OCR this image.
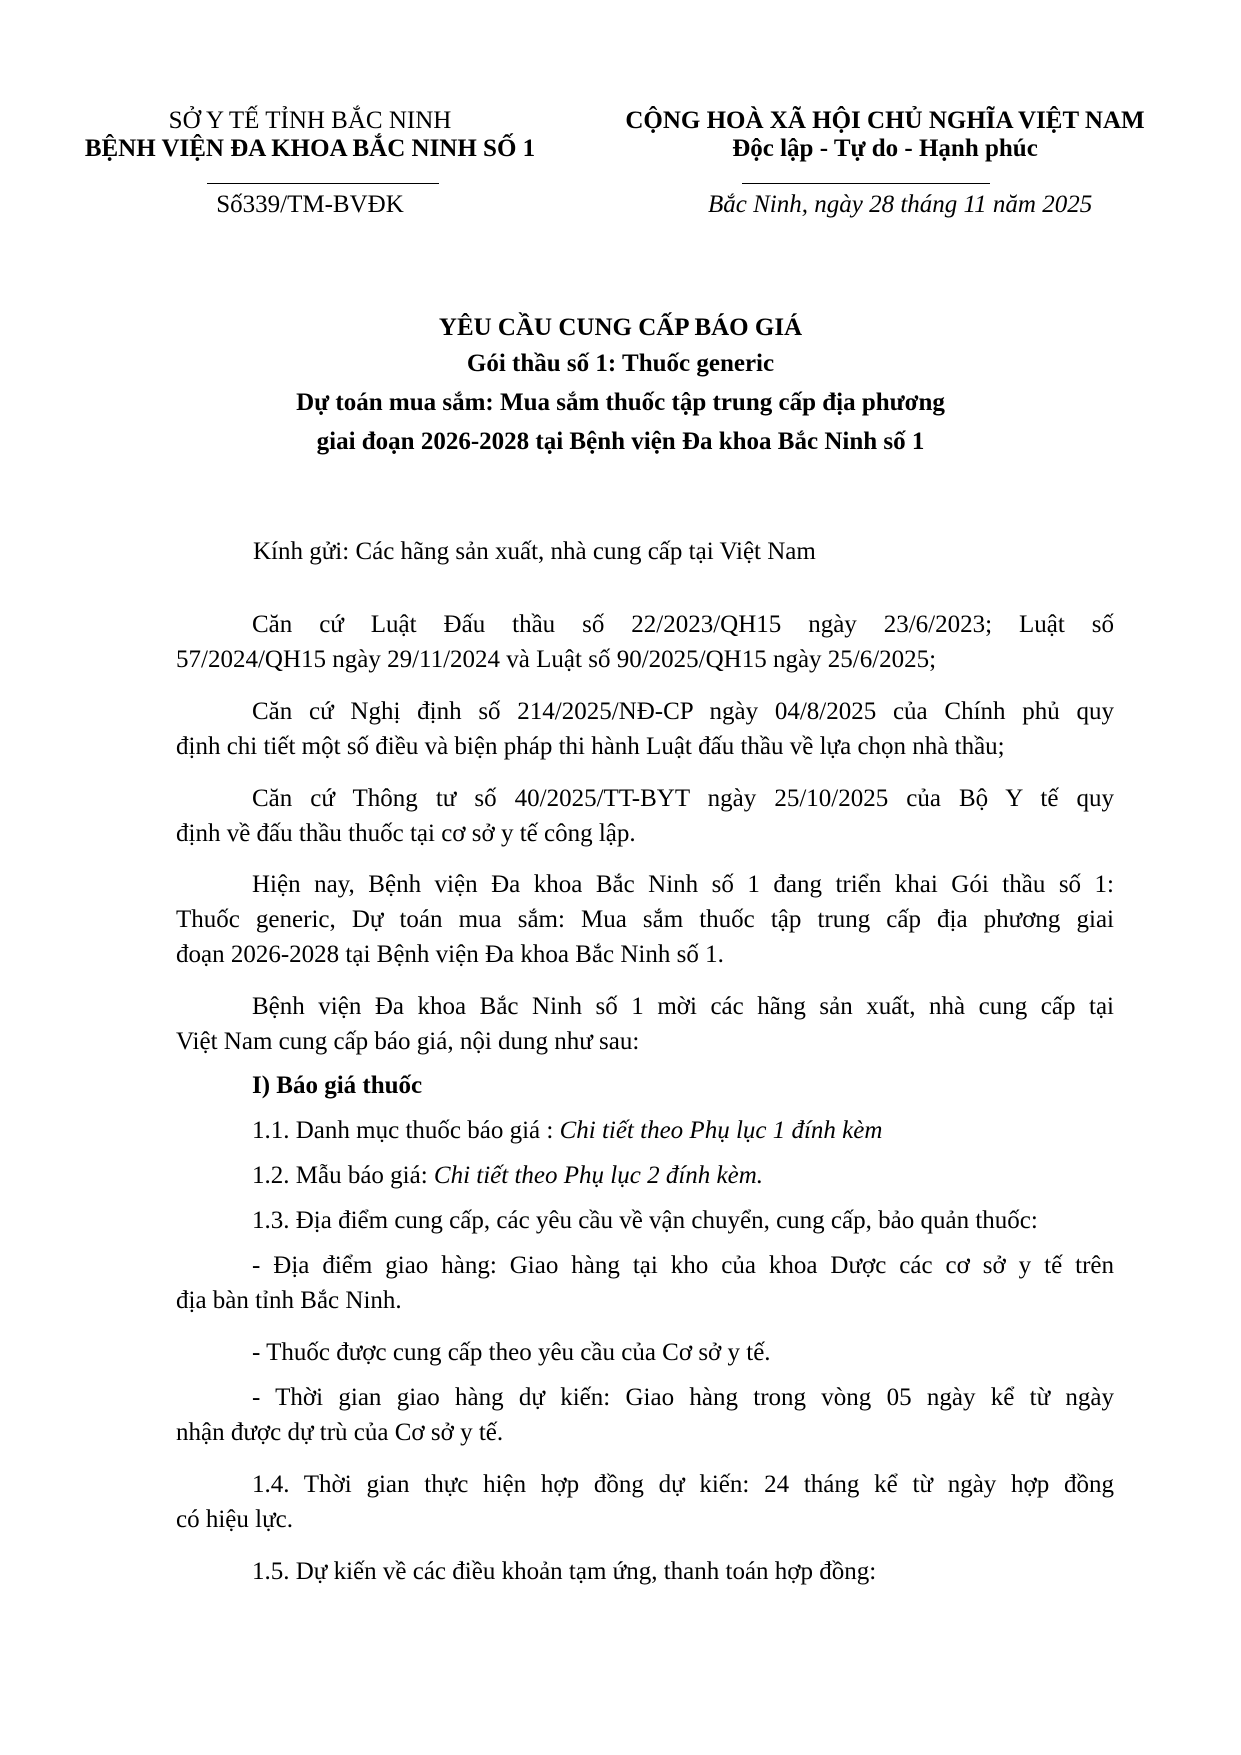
SỞ Y TẾ TỈNH BẮC NINH
BỆNH VIỆN ĐA KHOA BẮC NINH SỐ 1
Số339/TM-BVĐK
CỘNG HOÀ XÃ HỘI CHỦ NGHĨA VIỆT NAM
Độc lập - Tự do - Hạnh phúc
Bắc Ninh, ngày 28 tháng 11 năm 2025
YÊU CẦU CUNG CẤP BÁO GIÁ
Gói thầu số 1: Thuốc generic
Dự toán mua sắm: Mua sắm thuốc tập trung cấp địa phương
giai đoạn 2026-2028 tại Bệnh viện Đa khoa Bắc Ninh số 1
Kính gửi: Các hãng sản xuất, nhà cung cấp tại Việt Nam
Căn cứ Luật Đấu thầu số 22/2023/QH15 ngày 23/6/2023; Luật số
57/2024/QH15 ngày 29/11/2024 và Luật số 90/2025/QH15 ngày 25/6/2025;
Căn cứ Nghị định số 214/2025/NĐ-CP ngày 04/8/2025 của Chính phủ quy
định chi tiết một số điều và biện pháp thi hành Luật đấu thầu về lựa chọn nhà thầu;
Căn cứ Thông tư số 40/2025/TT-BYT ngày 25/10/2025 của Bộ Y tế quy
định về đấu thầu thuốc tại cơ sở y tế công lập.
Hiện nay, Bệnh viện Đa khoa Bắc Ninh số 1 đang triển khai Gói thầu số 1:
Thuốc generic, Dự toán mua sắm: Mua sắm thuốc tập trung cấp địa phương giai
đoạn 2026-2028 tại Bệnh viện Đa khoa Bắc Ninh số 1.
Bệnh viện Đa khoa Bắc Ninh số 1 mời các hãng sản xuất, nhà cung cấp tại
Việt Nam cung cấp báo giá, nội dung như sau:
I) Báo giá thuốc
1.1. Danh mục thuốc báo giá : Chi tiết theo Phụ lục 1 đính kèm
1.2. Mẫu báo giá: Chi tiết theo Phụ lục 2 đính kèm.
1.3. Địa điểm cung cấp, các yêu cầu về vận chuyển, cung cấp, bảo quản thuốc:
- Địa điểm giao hàng: Giao hàng tại kho của khoa Dược các cơ sở y tế trên
địa bàn tỉnh Bắc Ninh.
- Thuốc được cung cấp theo yêu cầu của Cơ sở y tế.
- Thời gian giao hàng dự kiến: Giao hàng trong vòng 05 ngày kể từ ngày
nhận được dự trù của Cơ sở y tế.
1.4. Thời gian thực hiện hợp đồng dự kiến: 24 tháng kể từ ngày hợp đồng
có hiệu lực.
1.5. Dự kiến về các điều khoản tạm ứng, thanh toán hợp đồng:
